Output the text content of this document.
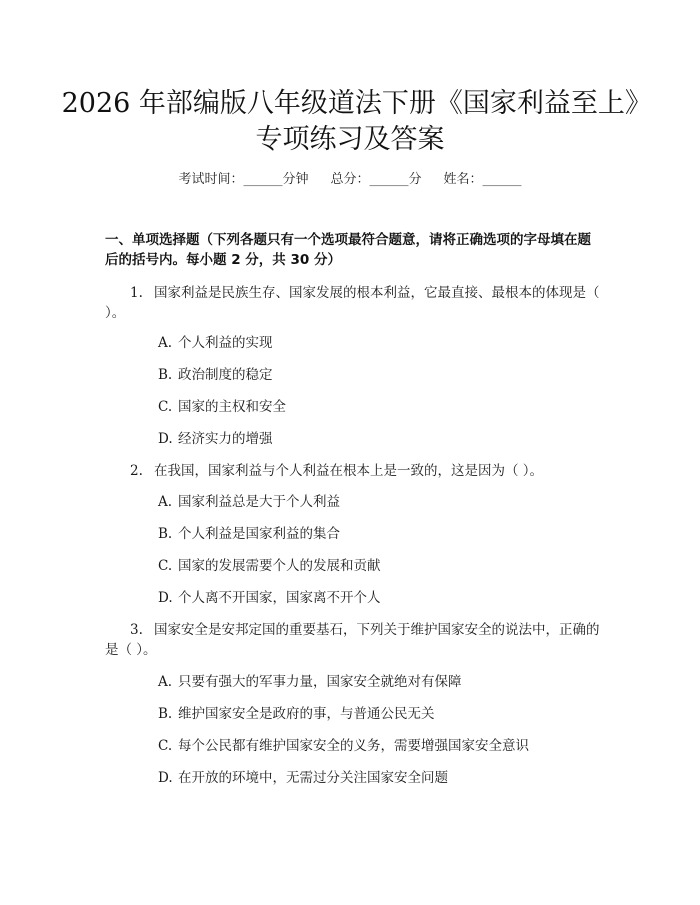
2026 年部编版八年级道法下册《国家利益至上》专项练习及答案
考试时间：______分钟 总分：______分 姓名：______
一、单项选择题（下列各题只有一个选项最符合题意，请将正确选项的字母填在题后的括号内。每小题 2 分，共 30 分）
1. 国家利益是民族生存、国家发展的根本利益，它最直接、最根本的体现是（ ）。
A. 个人利益的实现
B. 政治制度的稳定
C. 国家的主权和安全
D. 经济实力的增强
2. 在我国，国家利益与个人利益在根本上是一致的，这是因为（ ）。
A. 国家利益总是大于个人利益
B. 个人利益是国家利益的集合
C. 国家的发展需要个人的发展和贡献
D. 个人离不开国家，国家离不开个人
3. 国家安全是安邦定国的重要基石，下列关于维护国家安全的说法中，正确的是（ ）。
A. 只要有强大的军事力量，国家安全就绝对有保障
B. 维护国家安全是政府的事，与普通公民无关
C. 每个公民都有维护国家安全的义务，需要增强国家安全意识
D. 在开放的环境中，无需过分关注国家安全问题
